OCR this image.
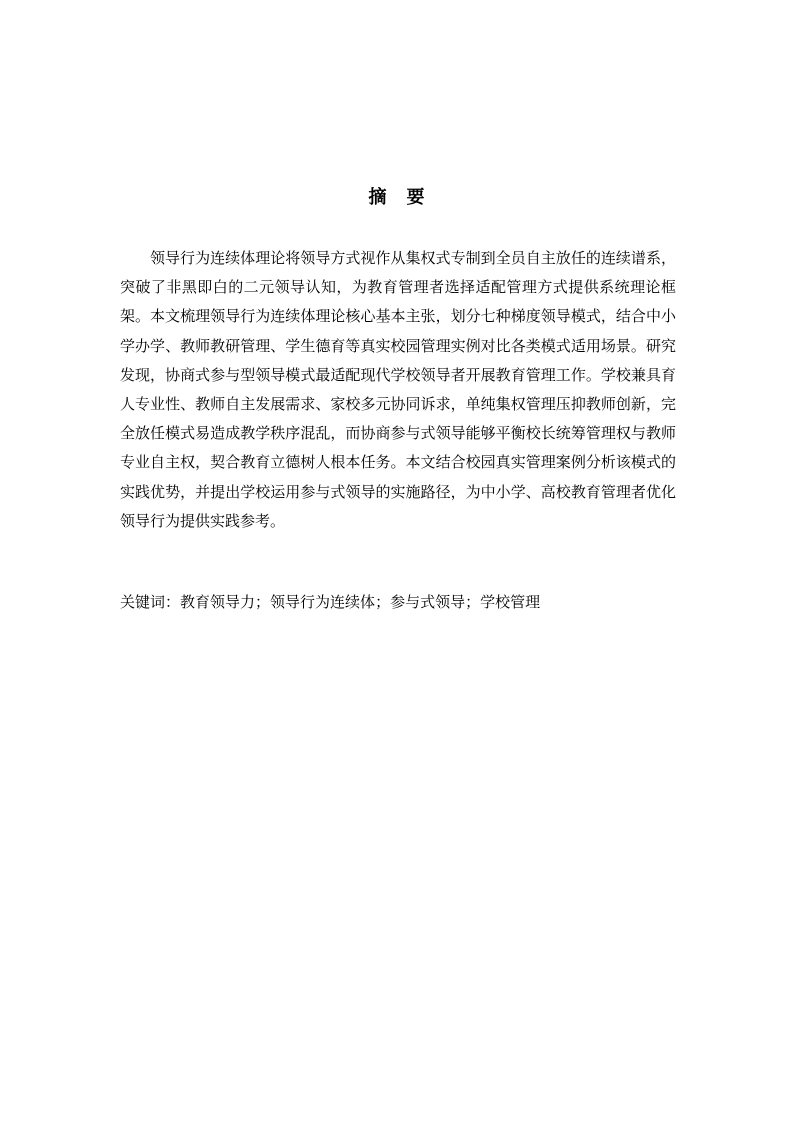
摘 要

领导行为连续体理论将领导方式视作从集权式专制到全员自主放任的连续谱系，突破了非黑即白的二元领导认知，为教育管理者选择适配管理方式提供系统理论框架。本文梳理领导行为连续体理论核心基本主张，划分七种梯度领导模式，结合中小学办学、教师教研管理、学生德育等真实校园管理实例对比各类模式适用场景。研究发现，协商式参与型领导模式最适配现代学校领导者开展教育管理工作。学校兼具育人专业性、教师自主发展需求、家校多元协同诉求，单纯集权管理压抑教师创新，完全放任模式易造成教学秩序混乱，而协商参与式领导能够平衡校长统筹管理权与教师专业自主权，契合教育立德树人根本任务。本文结合校园真实管理案例分析该模式的实践优势，并提出学校运用参与式领导的实施路径，为中小学、高校教育管理者优化领导行为提供实践参考。

关键词：教育领导力；领导行为连续体；参与式领导；学校管理
